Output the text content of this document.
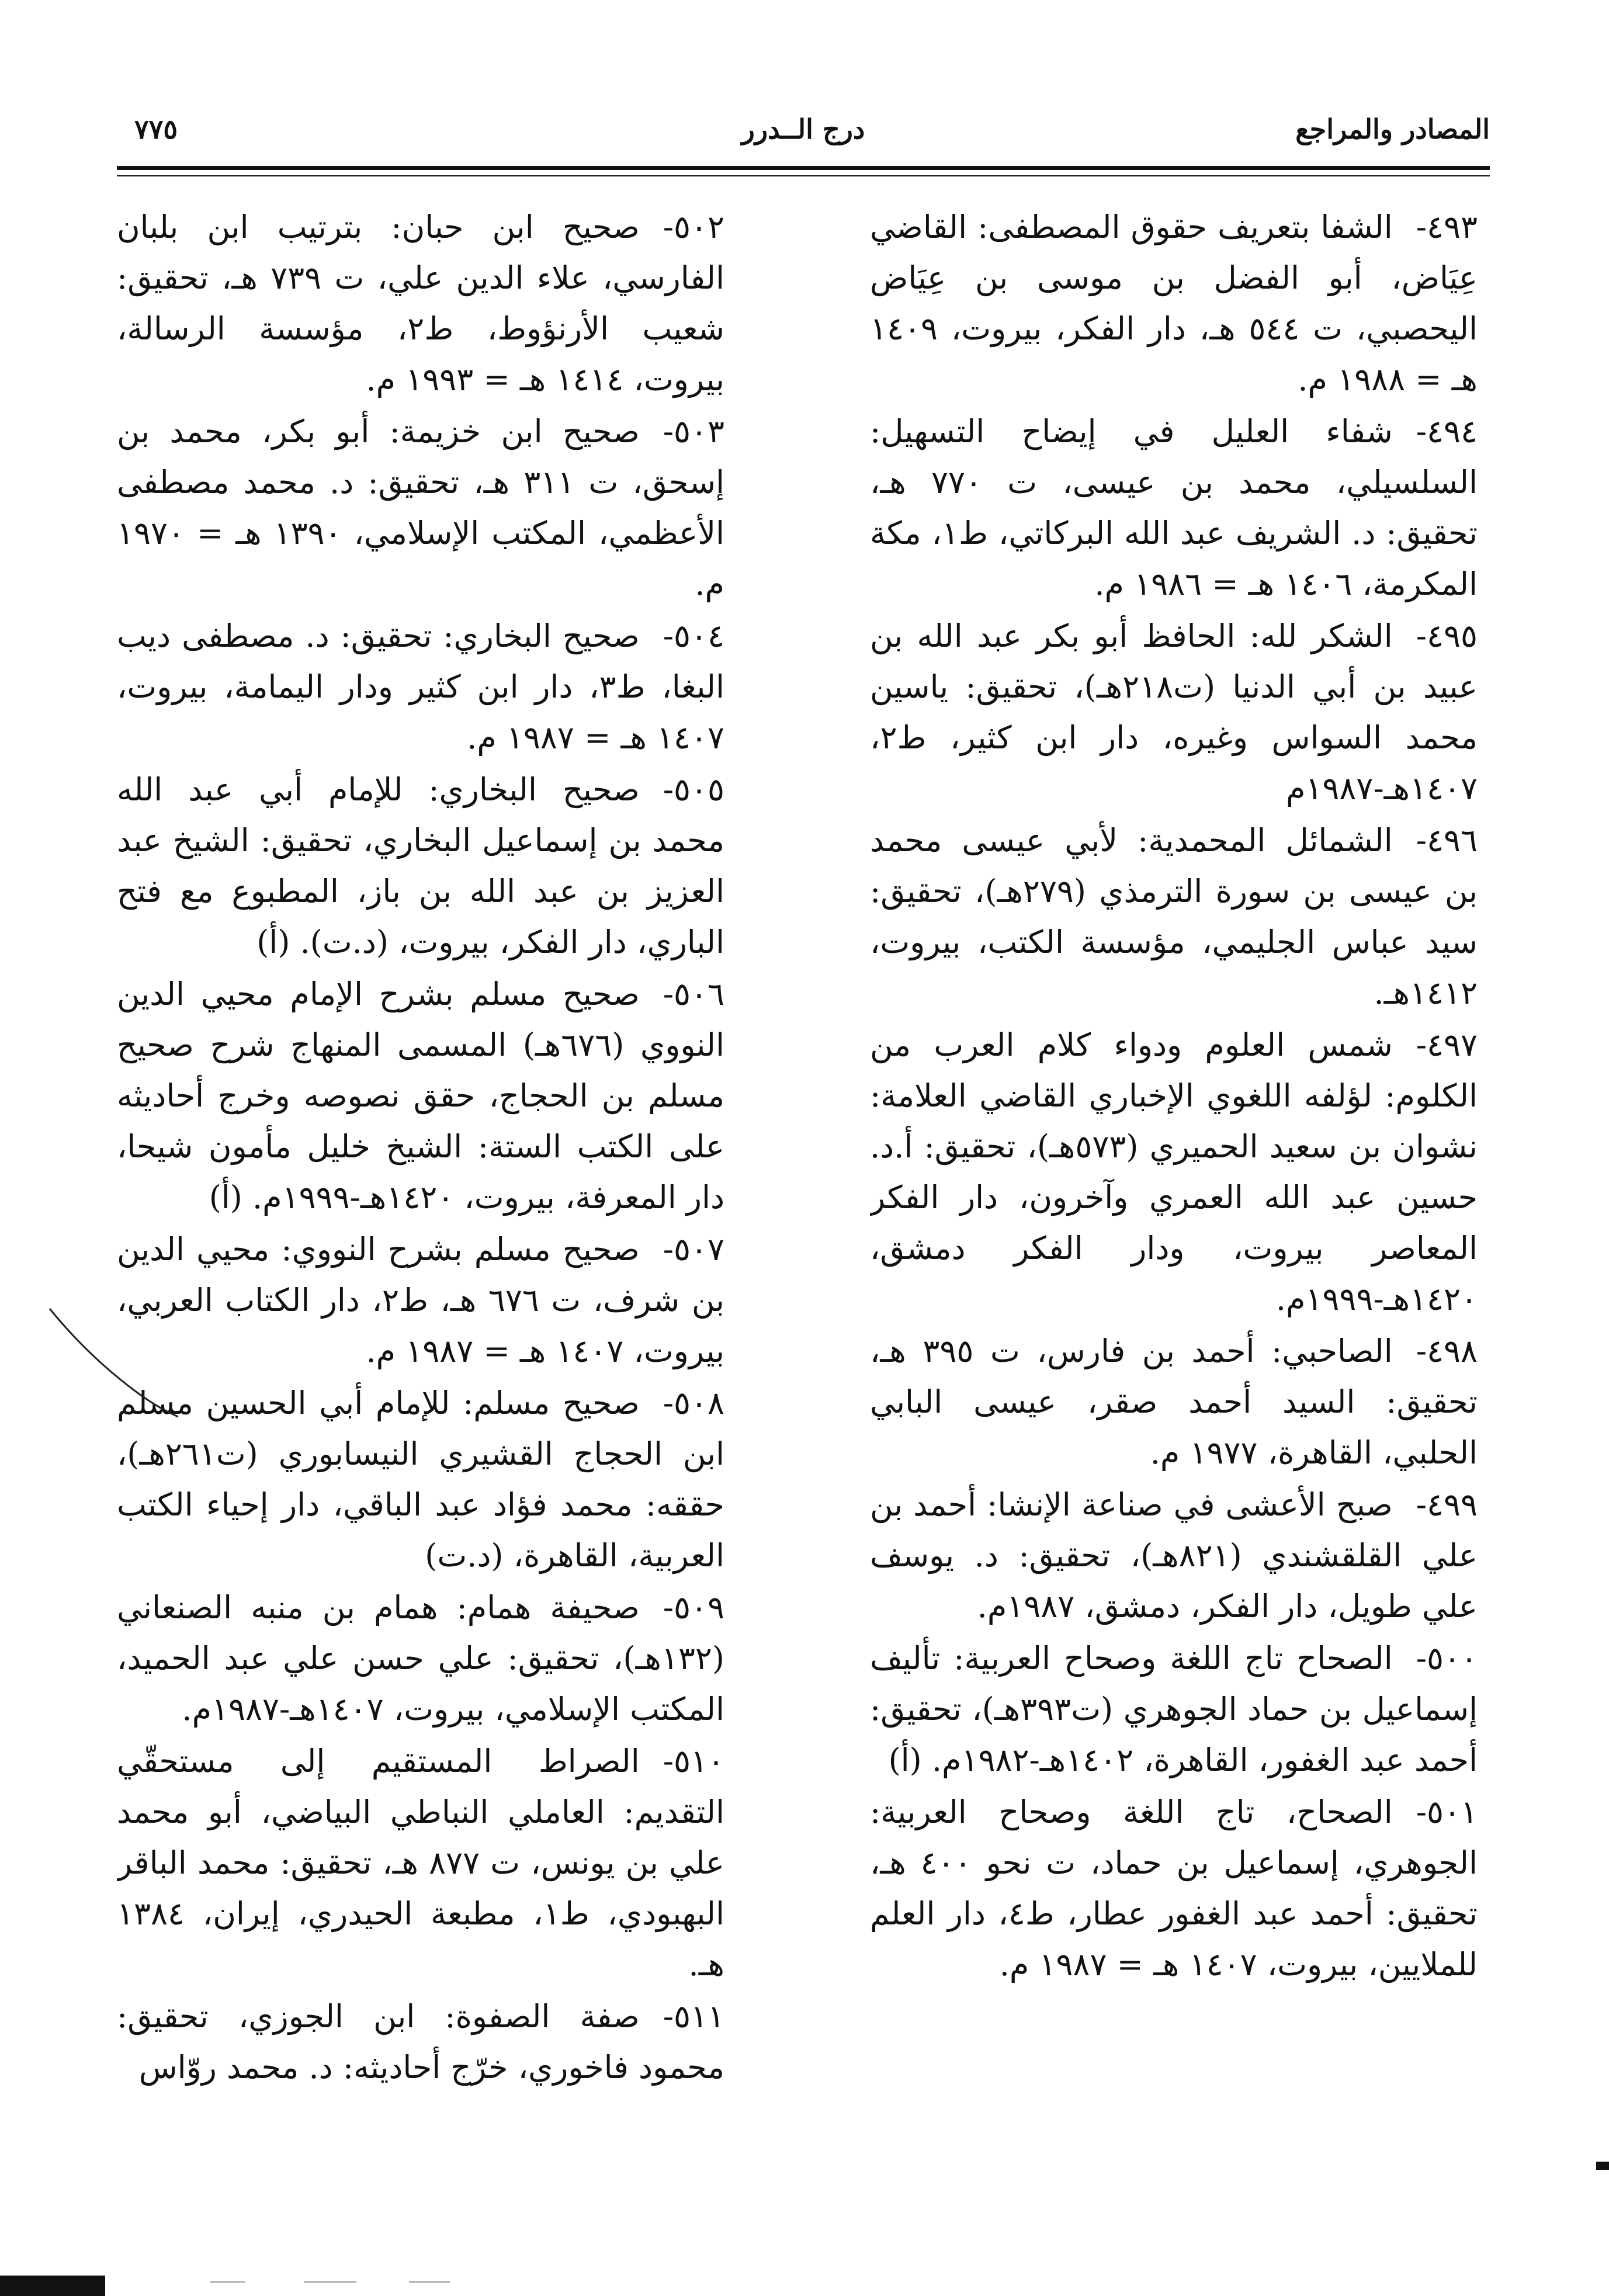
المصادر والمراجع
درج الــدرر
٧٧٥

٤٩٣-الشفا بتعريف حقوق المصطفى: القاضي عِيَاض، أبو الفضل بن موسى بن عِيَاض اليحصبي، ت ٥٤٤ هـ، دار الفكر، بيروت، ١٤٠٩ هـ = ١٩٨٨ م.

٤٩٤-شفاء العليل في إيضاح التسهيل: السلسيلي، محمد بن عيسى، ت ٧٧٠ هـ، تحقيق: د. الشريف عبد الله البركاتي، ط١، مكة المكرمة، ١٤٠٦ هـ = ١٩٨٦ م.

٤٩٥-الشكر لله: الحافظ أبو بكر عبد الله بن عبيد بن أبي الدنيا (ت٢١٨هـ)، تحقيق: ياسين محمد السواس وغيره، دار ابن كثير، ط٢، ١٤٠٧هـ-١٩٨٧م

٤٩٦-الشمائل المحمدية: لأبي عيسى محمد بن عيسى بن سورة الترمذي (٢٧٩هـ)، تحقيق: سيد عباس الجليمي، مؤسسة الكتب، بيروت، ١٤١٢هـ.

٤٩٧-شمس العلوم ودواء كلام العرب من الكلوم: لؤلفه اللغوي الإخباري القاضي العلامة: نشوان بن سعيد الحميري (٥٧٣هـ)، تحقيق: أ.د. حسين عبد الله العمري وآخرون، دار الفكر المعاصر بيروت، ودار الفكر دمشق، ١٤٢٠هـ-١٩٩٩م.

٤٩٨-الصاحبي: أحمد بن فارس، ت ٣٩٥ هـ، تحقيق: السيد أحمد صقر، عيسى البابي الحلبي، القاهرة، ١٩٧٧ م.

٤٩٩-صبح الأعشى في صناعة الإنشا: أحمد بن علي القلقشندي (٨٢١هـ)، تحقيق: د. يوسف علي طويل، دار الفكر، دمشق، ١٩٨٧م.

٥٠٠-الصحاح تاج اللغة وصحاح العربية: تأليف إسماعيل بن حماد الجوهري (ت٣٩٣هـ)، تحقيق: أحمد عبد الغفور، القاهرة، ١٤٠٢هـ-١٩٨٢م. (أ)

٥٠١-الصحاح، تاج اللغة وصحاح العربية: الجوهري، إسماعيل بن حماد، ت نحو ٤٠٠ هـ، تحقيق: أحمد عبد الغفور عطار، ط٤، دار العلم للملايين، بيروت، ١٤٠٧ هـ = ١٩٨٧ م.

٥٠٢-صحيح ابن حبان: بترتيب ابن بلبان الفارسي، علاء الدين علي، ت ٧٣٩ هـ، تحقيق: شعيب الأرنؤوط، ط٢، مؤسسة الرسالة، بيروت، ١٤١٤ هـ = ١٩٩٣ م.

٥٠٣-صحيح ابن خزيمة: أبو بكر، محمد بن إسحق، ت ٣١١ هـ، تحقيق: د. محمد مصطفى الأعظمي، المكتب الإسلامي، ١٣٩٠ هـ = ١٩٧٠ م.

٥٠٤-صحيح البخاري: تحقيق: د. مصطفى ديب البغا، ط٣، دار ابن كثير ودار اليمامة، بيروت، ١٤٠٧ هـ = ١٩٨٧ م.

٥٠٥-صحيح البخاري: للإمام أبي عبد الله محمد بن إسماعيل البخاري، تحقيق: الشيخ عبد العزيز بن عبد الله بن باز، المطبوع مع فتح الباري، دار الفكر، بيروت، (د.ت). (أ)

٥٠٦-صحيح مسلم بشرح الإمام محيي الدين النووي (٦٧٦هـ) المسمى المنهاج شرح صحيح مسلم بن الحجاج، حقق نصوصه وخرج أحاديثه على الكتب الستة: الشيخ خليل مأمون شيحا، دار المعرفة، بيروت، ١٤٢٠هـ-١٩٩٩م. (أ)

٥٠٧-صحيح مسلم بشرح النووي: محيي الدين بن شرف، ت ٦٧٦ هـ، ط٢، دار الكتاب العربي، بيروت، ١٤٠٧ هـ = ١٩٨٧ م.

٥٠٨-صحيح مسلم: للإمام أبي الحسين مسلم ابن الحجاج القشيري النيسابوري (ت٢٦١هـ)، حققه: محمد فؤاد عبد الباقي، دار إحياء الكتب العربية، القاهرة، (د.ت)

٥٠٩-صحيفة همام: همام بن منبه الصنعاني (١٣٢هـ)، تحقيق: علي حسن علي عبد الحميد، المكتب الإسلامي، بيروت، ١٤٠٧هـ-١٩٨٧م.

٥١٠-الصراط المستقيم إلى مستحقّي التقديم: العاملي النباطي البياضي، أبو محمد علي بن يونس، ت ٨٧٧ هـ، تحقيق: محمد الباقر البهبودي، ط١، مطبعة الحيدري، إيران، ١٣٨٤ هـ.

٥١١-صفة الصفوة: ابن الجوزي، تحقيق: محمود فاخوري، خرّج أحاديثه: د. محمد روّاس
